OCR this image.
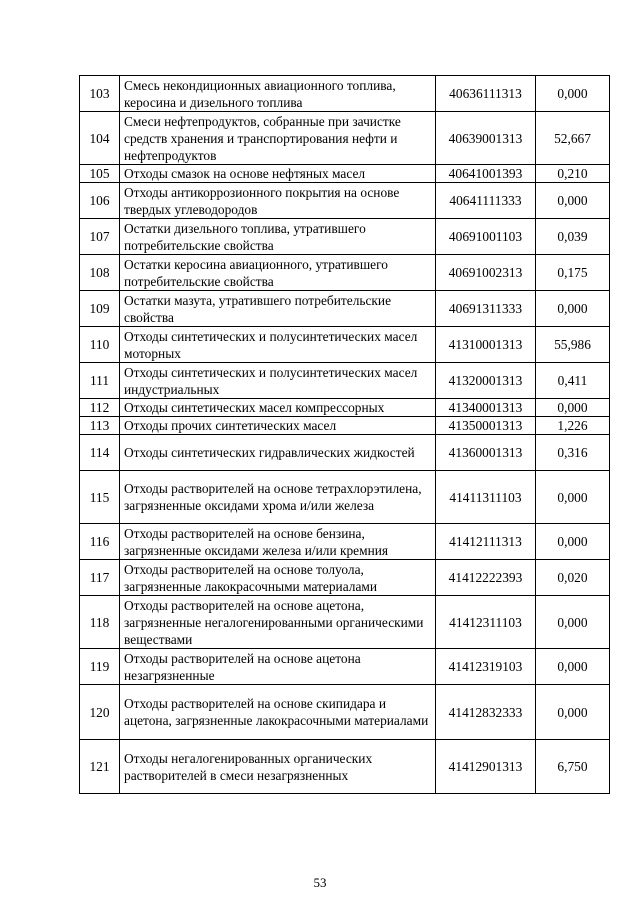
103	Смесь некондиционных авиационного топлива, керосина и дизельного топлива	40636111313	0,000
104	Смеси нефтепродуктов, собранные при зачистке средств хранения и транспортирования нефти и нефтепродуктов	40639001313	52,667
105	Отходы смазок на основе нефтяных масел	40641001393	0,210
106	Отходы антикоррозионного покрытия на основе твердых углеводородов	40641111333	0,000
107	Остатки дизельного топлива, утратившего потребительские свойства	40691001103	0,039
108	Остатки керосина авиационного, утратившего потребительские свойства	40691002313	0,175
109	Остатки мазута, утратившего потребительские свойства	40691311333	0,000
110	Отходы синтетических и полусинтетических масел моторных	41310001313	55,986
111	Отходы синтетических и полусинтетических масел индустриальных	41320001313	0,411
112	Отходы синтетических масел компрессорных	41340001313	0,000
113	Отходы прочих синтетических масел	41350001313	1,226
114	Отходы синтетических гидравлических жидкостей	41360001313	0,316
115	Отходы растворителей на основе тетрахлорэтилена, загрязненные оксидами хрома и/или железа	41411311103	0,000
116	Отходы растворителей на основе бензина, загрязненные оксидами железа и/или кремния	41412111313	0,000
117	Отходы растворителей на основе толуола, загрязненные лакокрасочными материалами	41412222393	0,020
118	Отходы растворителей на основе ацетона, загрязненные негалогенированными органическими веществами	41412311103	0,000
119	Отходы растворителей на основе ацетона незагрязненные	41412319103	0,000
120	Отходы растворителей на основе скипидара и ацетона, загрязненные лакокрасочными материалами	41412832333	0,000
121	Отходы негалогенированных органических растворителей в смеси незагрязненных	41412901313	6,750
53
